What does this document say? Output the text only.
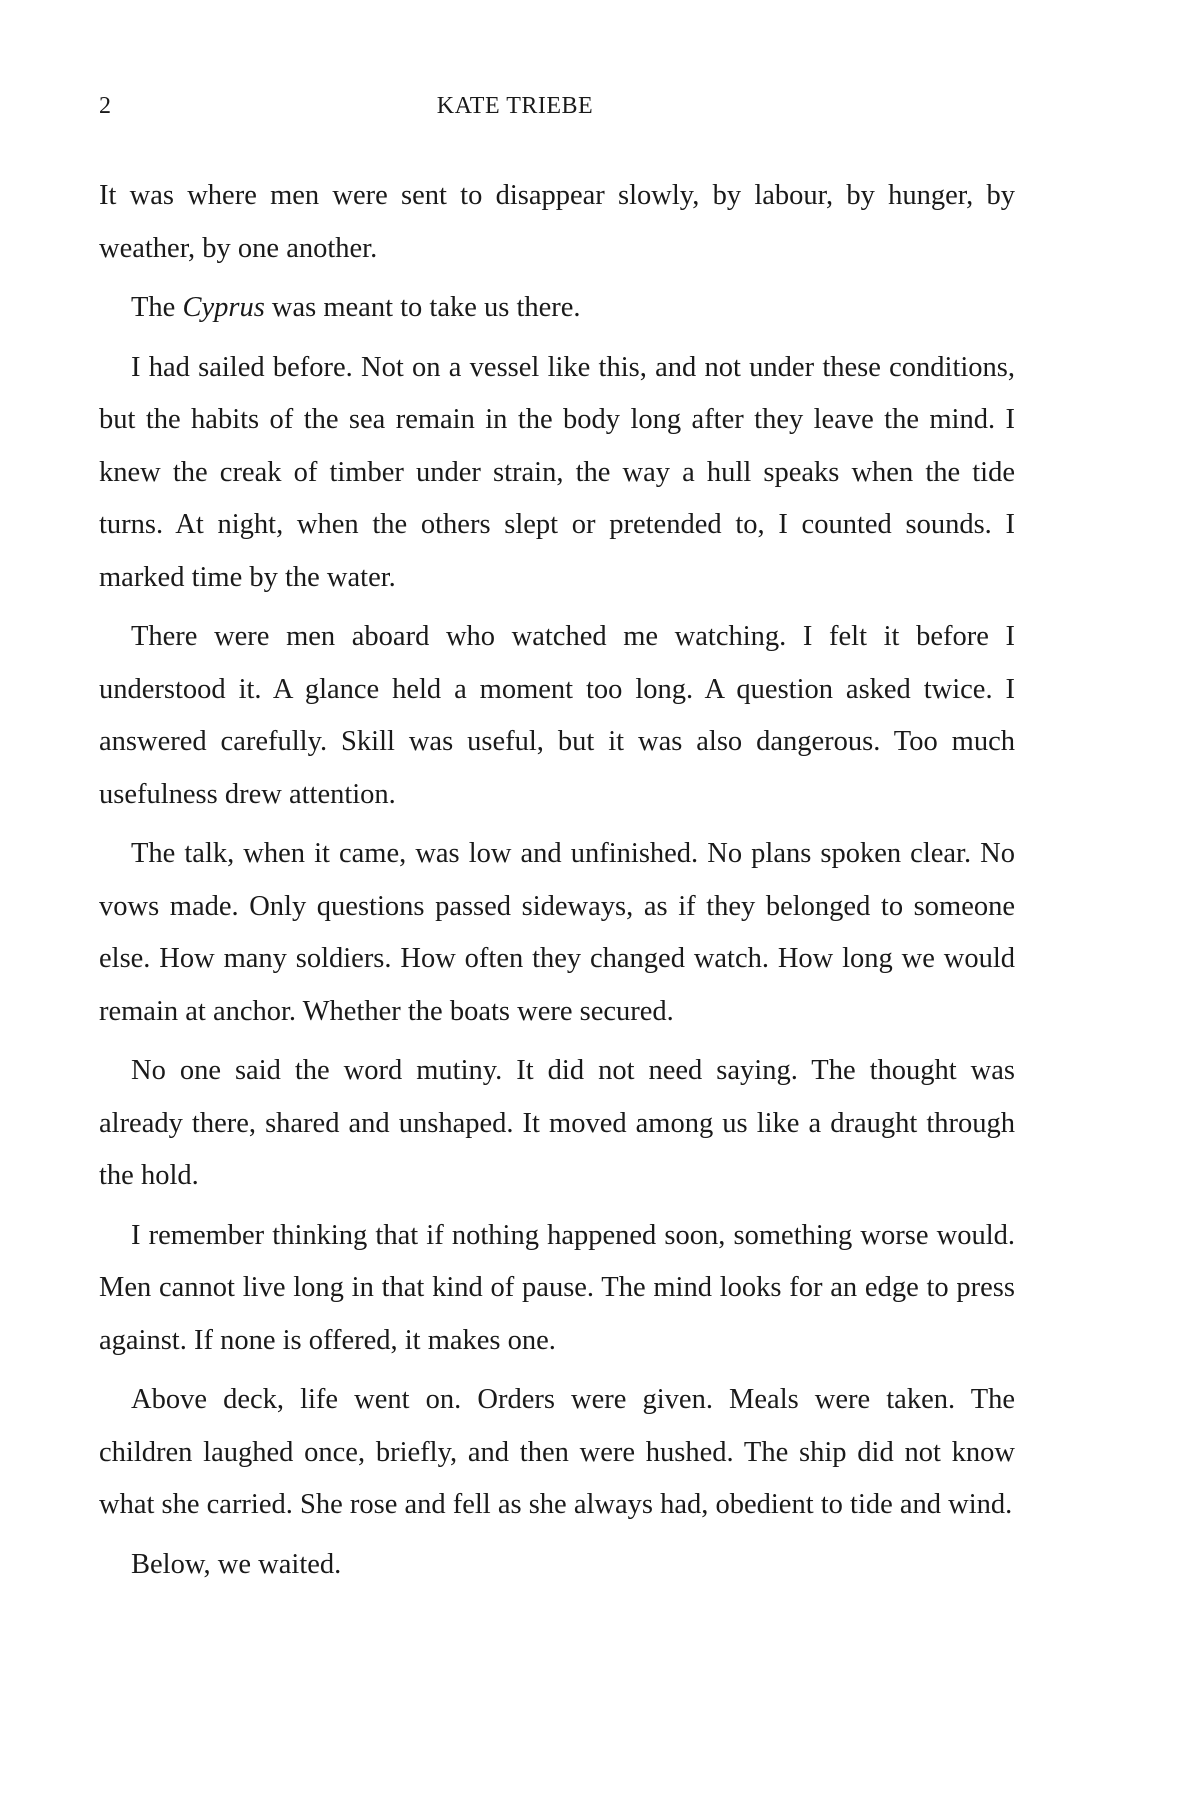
2	KATE TRIEBE

It was where men were sent to disappear slowly, by labour, by hunger, by weather, by one another.

The Cyprus was meant to take us there.

I had sailed before. Not on a vessel like this, and not under these conditions, but the habits of the sea remain in the body long after they leave the mind. I knew the creak of timber under strain, the way a hull speaks when the tide turns. At night, when the others slept or pretended to, I counted sounds. I marked time by the water.

There were men aboard who watched me watching. I felt it before I understood it. A glance held a moment too long. A question asked twice. I answered carefully. Skill was useful, but it was also dangerous. Too much usefulness drew attention.

The talk, when it came, was low and unfinished. No plans spoken clear. No vows made. Only questions passed sideways, as if they belonged to someone else. How many soldiers. How often they changed watch. How long we would remain at anchor. Whether the boats were secured.

No one said the word mutiny. It did not need saying. The thought was already there, shared and unshaped. It moved among us like a draught through the hold.

I remember thinking that if nothing happened soon, something worse would. Men cannot live long in that kind of pause. The mind looks for an edge to press against. If none is offered, it makes one.

Above deck, life went on. Orders were given. Meals were taken. The children laughed once, briefly, and then were hushed. The ship did not know what she carried. She rose and fell as she always had, obedient to tide and wind.

Below, we waited.
